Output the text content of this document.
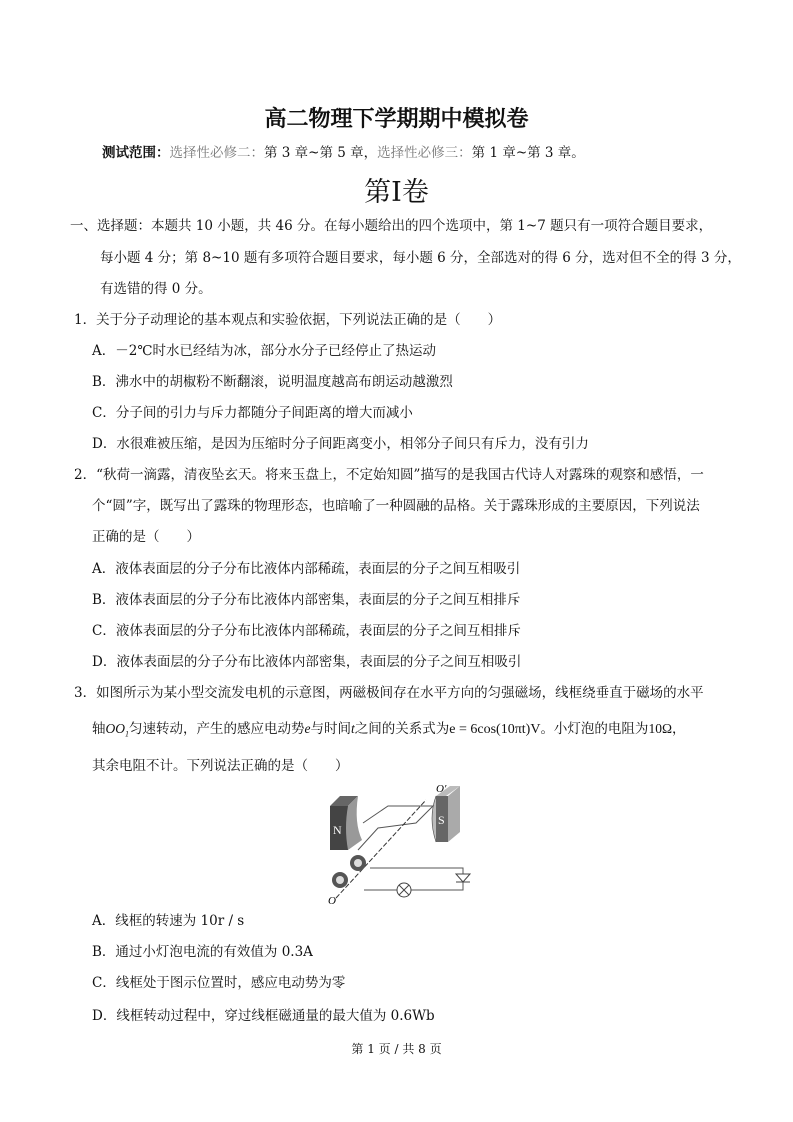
高二物理下学期期中模拟卷
测试范围：选择性必修二：第 3 章~第 5 章，选择性必修三：第 1 章~第 3 章。
第I卷
一、选择题：本题共 10 小题，共 46 分。在每小题给出的四个选项中，第 1~7 题只有一项符合题目要求，
每小题 4 分；第 8~10 题有多项符合题目要求，每小题 6 分，全部选对的得 6 分，选对但不全的得 3 分，
有选错的得 0 分。
1．关于分子动理论的基本观点和实验依据，下列说法正确的是（　　）
A．－2℃时水已经结为冰，部分水分子已经停止了热运动
B．沸水中的胡椒粉不断翻滚，说明温度越高布朗运动越激烈
C．分子间的引力与斥力都随分子间距离的增大而减小
D．水很难被压缩，是因为压缩时分子间距离变小，相邻分子间只有斥力，没有引力
2．“秋荷一滴露，清夜坠玄天。将来玉盘上，不定始知圆”描写的是我国古代诗人对露珠的观察和感悟，一
个“圆”字，既写出了露珠的物理形态，也暗喻了一种圆融的品格。关于露珠形成的主要原因，下列说法
正确的是（　　）
A．液体表面层的分子分布比液体内部稀疏，表面层的分子之间互相吸引
B．液体表面层的分子分布比液体内部密集，表面层的分子之间互相排斥
C．液体表面层的分子分布比液体内部稀疏，表面层的分子之间互相排斥
D．液体表面层的分子分布比液体内部密集，表面层的分子之间互相吸引
3．如图所示为某小型交流发电机的示意图，两磁极间存在水平方向的匀强磁场，线框绕垂直于磁场的水平
轴$OO_1$匀速转动，产生的感应电动势e与时间t之间的关系式为e = 6cos(10πt)V。小灯泡的电阻为10Ω，
其余电阻不计。下列说法正确的是（　　）
N
S
O′
O
A．线框的转速为 10r / s
B．通过小灯泡电流的有效值为 0.3A
C．线框处于图示位置时，感应电动势为零
D．线框转动过程中，穿过线框磁通量的最大值为 0.6Wb
第 1 页 / 共 8 页
